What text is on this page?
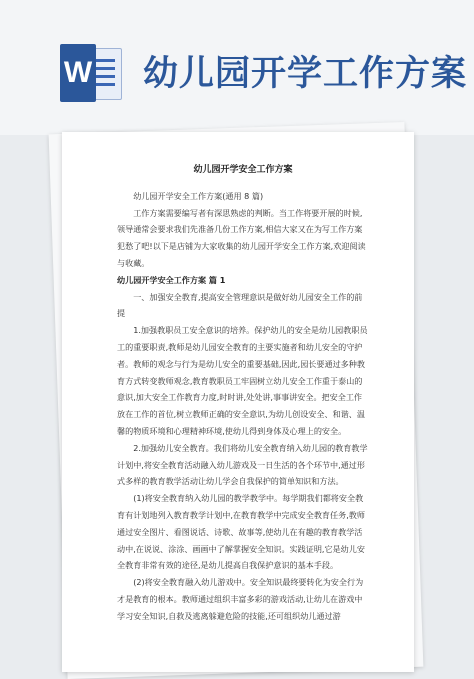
W 幼儿园开学工作方案
幼儿园开学安全工作方案

幼儿园开学安全工作方案(通用 8 篇)

工作方案需要编写者有深思熟虑的判断。当工作将要开展的时候,领导通常会要求我们先准备几份工作方案,相信大家又在为写工作方案犯愁了吧!以下是店铺为大家收集的幼儿园开学安全工作方案,欢迎阅读与收藏。

幼儿园开学安全工作方案 篇 1

一、加强安全教育,提高安全管理意识是做好幼儿园安全工作的前提

1.加强教职员工安全意识的培养。保护幼儿的安全是幼儿园教职员工的重要职责,教师是幼儿园安全教育的主要实施者和幼儿安全的守护者。教师的观念与行为是幼儿安全的重要基础,因此,园长要通过多种教育方式转变教师观念,教育教职员工牢固树立幼儿安全工作重于泰山的意识,加大安全工作教育力度,时时讲,处处讲,事事讲安全。把安全工作放在工作的首位,树立教师正确的安全意识,为幼儿创设安全、和谐、温馨的物质环境和心理精神环境,使幼儿得到身体及心理上的安全。

2.加强幼儿安全教育。我们将幼儿安全教育纳入幼儿园的教育教学计划中,将安全教育活动融入幼儿游戏及一日生活的各个环节中,通过形式多样的教育教学活动让幼儿学会自我保护的简单知识和方法。

(1)将安全教育纳入幼儿园的教学教学中。每学期我们都将安全教育有计划地列入教育教学计划中,在教育教学中完成安全教育任务,教师通过安全图片、看图说话、诗歌、故事等,使幼儿在有趣的教育教学活动中,在说说、涂涂、画画中了解掌握安全知识。实践证明,它是幼儿安全教育非常有效的途径,是幼儿提高自我保护意识的基本手段。

(2)将安全教育融入幼儿游戏中。安全知识最终要转化为安全行为才是教育的根本。教师通过组织丰富多彩的游戏活动,让幼儿在游戏中学习安全知识,自救及逃离躲避危险的技能,还可组织幼儿通过游
